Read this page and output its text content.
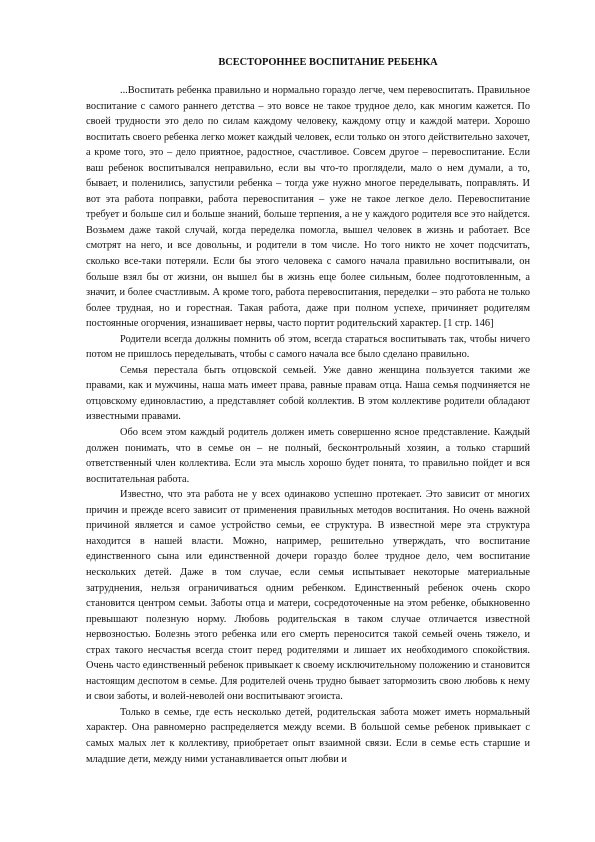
ВСЕСТОРОННЕЕ ВОСПИТАНИЕ РЕБЕНКА

...Воспитать ребенка правильно и нормально гораздо легче, чем перевоспитать. Правильное воспитание с самого раннего детства – это вовсе не такое трудное дело, как многим кажется. По своей трудности это дело по силам каждому человеку, каждому отцу и каждой матери. Хорошо воспитать своего ребенка легко может каждый человек, если только он этого действительно захочет, а кроме того, это – дело приятное, радостное, счастливое. Совсем другое – перевоспитание. Если ваш ребенок воспитывался неправильно, если вы что-то проглядели, мало о нем думали, а то, бывает, и поленились, запустили ребенка – тогда уже нужно многое переделывать, поправлять. И вот эта работа поправки, работа перевоспитания – уже не такое легкое дело. Перевоспитание требует и больше сил и больше знаний, больше терпения, а не у каждого родителя все это найдется. Возьмем даже такой случай, когда переделка помогла, вышел человек в жизнь и работает. Все смотрят на него, и все довольны, и родители в том числе. Но того никто не хочет подсчитать, сколько все-таки потеряли. Если бы этого человека с самого начала правильно воспитывали, он больше взял бы от жизни, он вышел бы в жизнь еще более сильным, более подготовленным, а значит, и более счастливым. А кроме того, работа перевоспитания, переделки – это работа не только более трудная, но и горестная. Такая работа, даже при полном успехе, причиняет родителям постоянные огорчения, изнашивает нервы, часто портит родительский характер. [1 стр. 146]

Родители всегда должны помнить об этом, всегда стараться воспитывать так, чтобы ничего потом не пришлось переделывать, чтобы с самого начала все было сделано правильно.

Семья перестала быть отцовской семьей. Уже давно женщина пользуется такими же правами, как и мужчины, наша мать имеет права, равные правам отца. Наша семья подчиняется не отцовскому единовластию, а представляет собой коллектив. В этом коллективе родители обладают известными правами.

Обо всем этом каждый родитель должен иметь совершенно ясное представление. Каждый должен понимать, что в семье он – не полный, бесконтрольный хозяин, а только старший ответственный член коллектива. Если эта мысль хорошо будет понята, то правильно пойдет и вся воспитательная работа.

Известно, что эта работа не у всех одинаково успешно протекает. Это зависит от многих причин и прежде всего зависит от применения правильных методов воспитания. Но очень важной причиной является и самое устройство семьи, ее структура. В известной мере эта структура находится в нашей власти. Можно, например, решительно утверждать, что воспитание единственного сына или единственной дочери гораздо более трудное дело, чем воспитание нескольких детей. Даже в том случае, если семья испытывает некоторые материальные затруднения, нельзя ограничиваться одним ребенком. Единственный ребенок очень скоро становится центром семьи. Заботы отца и матери, сосредоточенные на этом ребенке, обыкновенно превышают полезную норму. Любовь родительская в таком случае отличается известной нервозностью. Болезнь этого ребенка или его смерть переносится такой семьей очень тяжело, и страх такого несчастья всегда стоит перед родителями и лишает их необходимого спокойствия. Очень часто единственный ребенок привыкает к своему исключительному положению и становится настоящим деспотом в семье. Для родителей очень трудно бывает затормозить свою любовь к нему и свои заботы, и волей-неволей они воспитывают эгоиста.

Только в семье, где есть несколько детей, родительская забота может иметь нормальный характер. Она равномерно распределяется между всеми. В большой семье ребенок привыкает с самых малых лет к коллективу, приобретает опыт взаимной связи. Если в семье есть старшие и младшие дети, между ними устанавливается опыт любви и
